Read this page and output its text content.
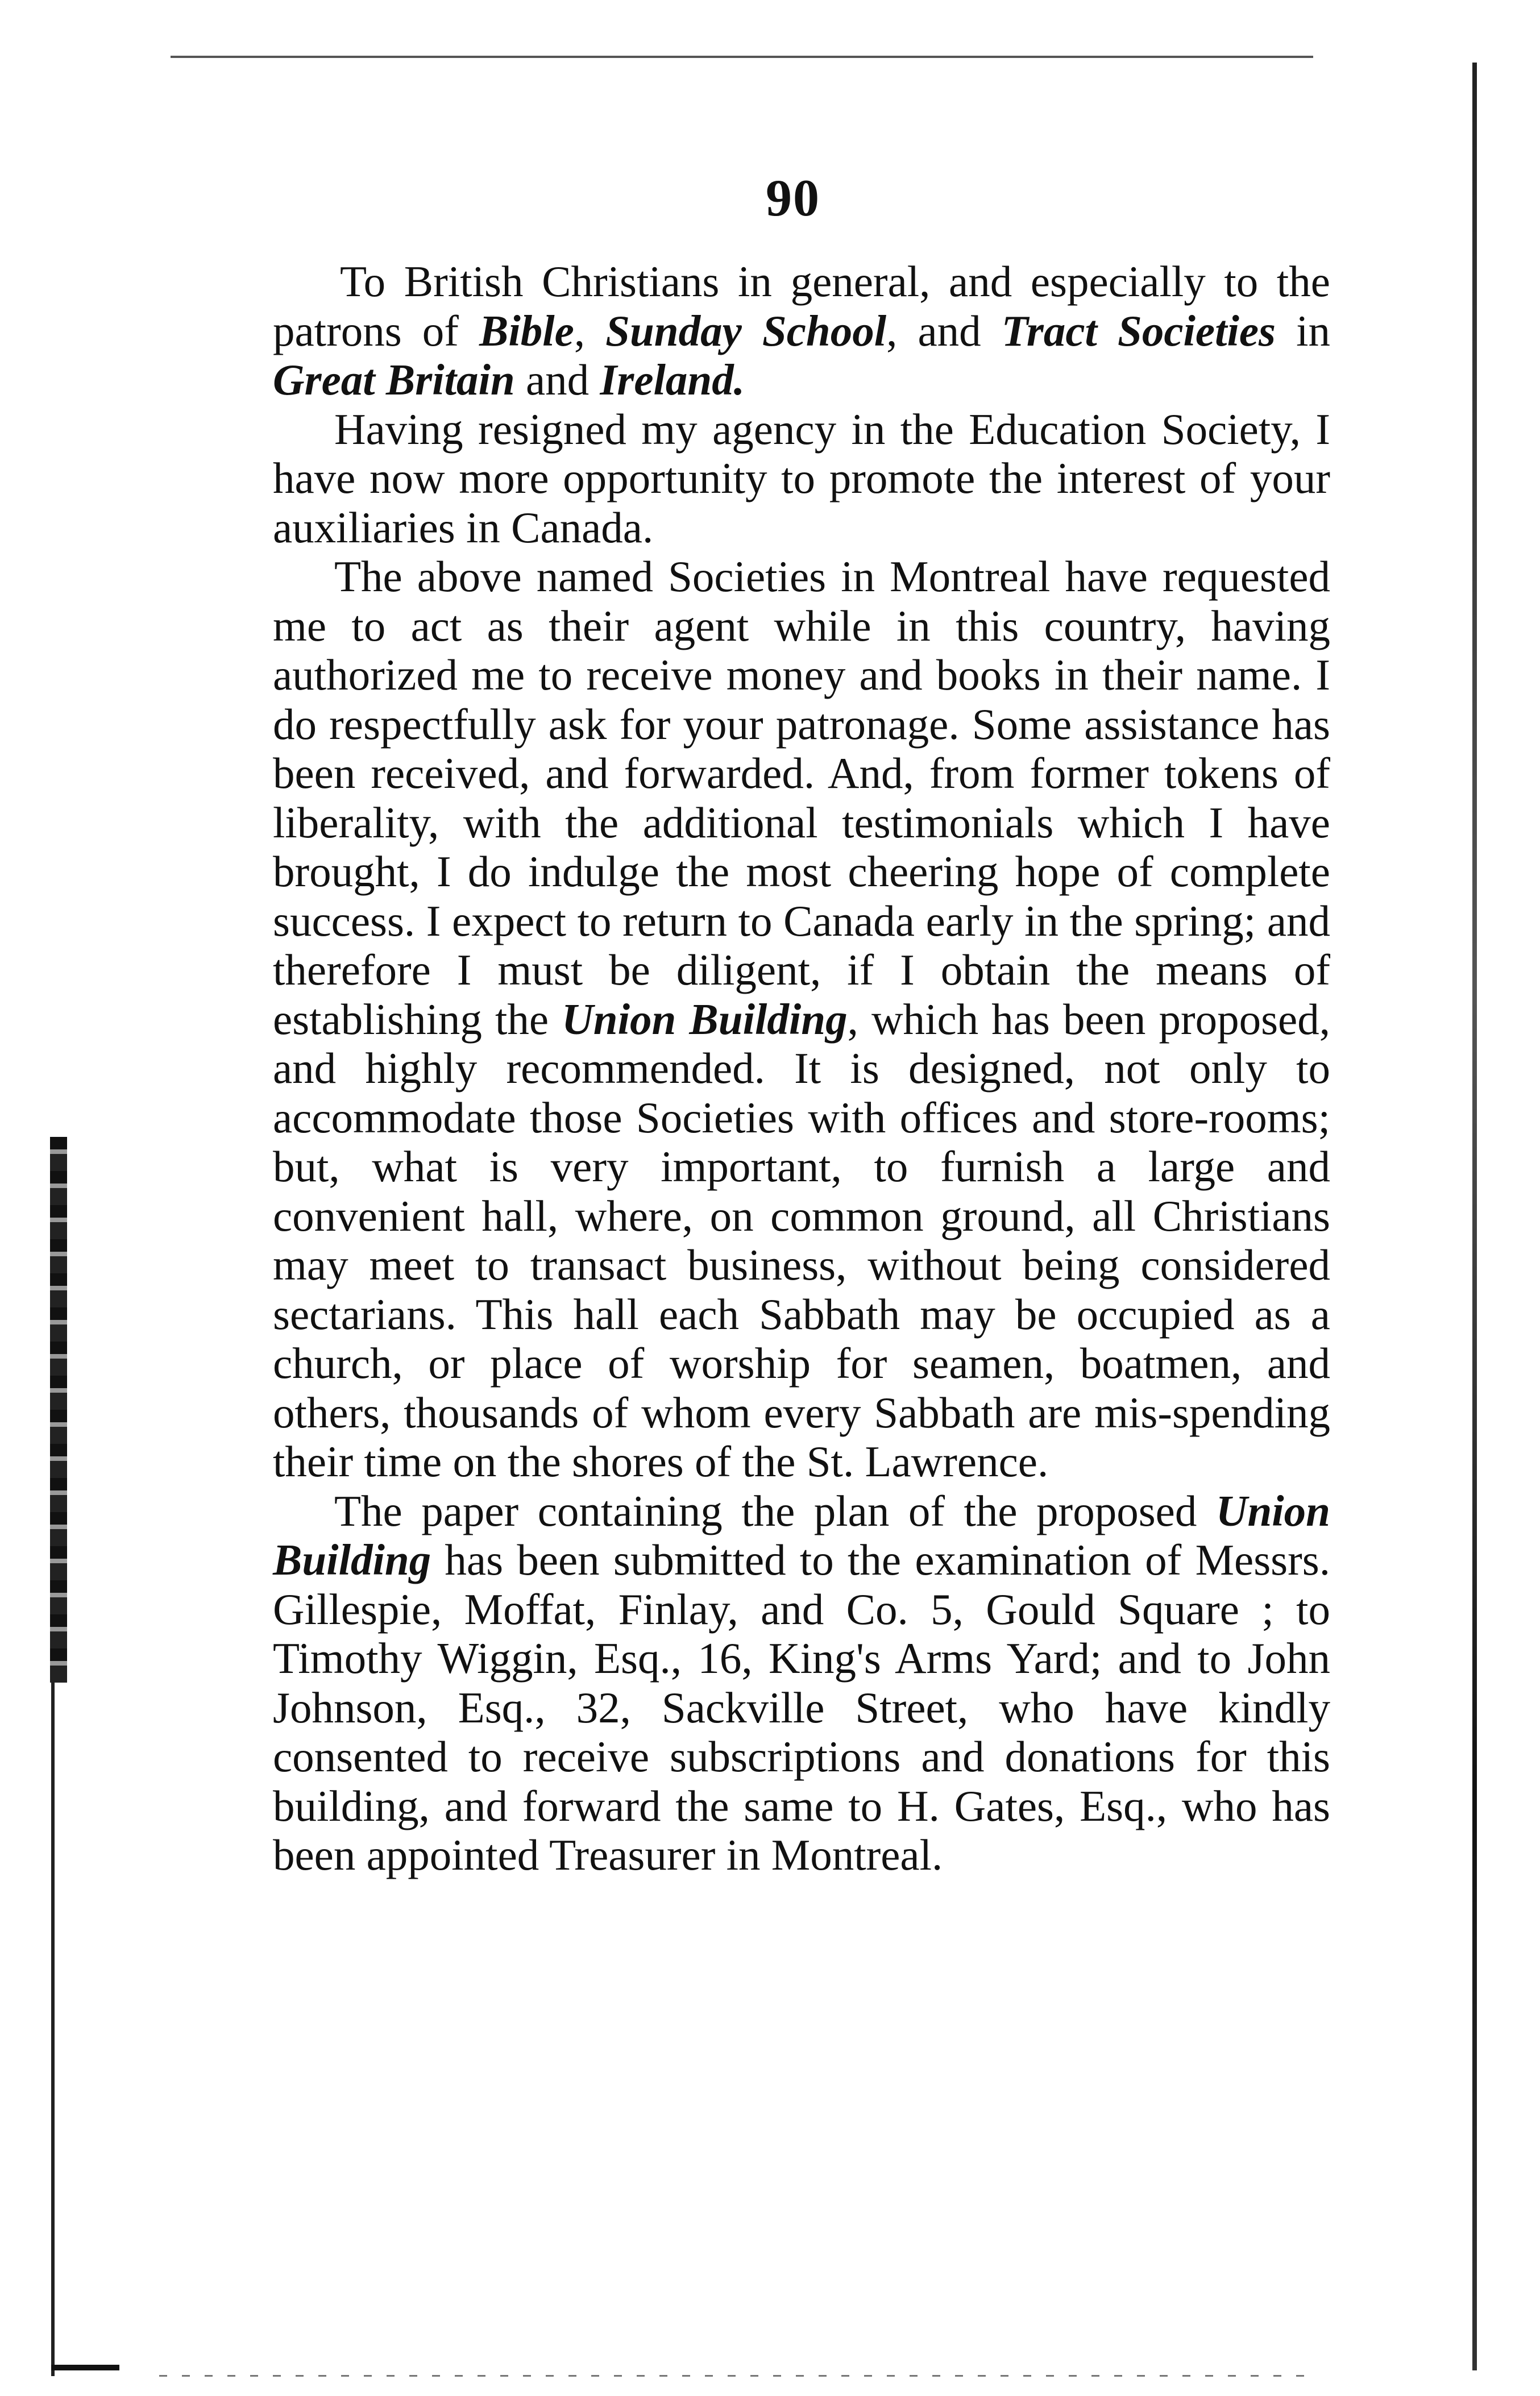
90

To British Christians in general, and especially to the patrons of Bible, Sunday School, and Tract Societies in Great Britain and Ireland.

Having resigned my agency in the Education Society, I have now more opportunity to promote the interest of your auxiliaries in Canada.

The above named Societies in Montreal have requested me to act as their agent while in this country, having authorized me to receive money and books in their name. I do respectfully ask for your patronage. Some assistance has been received, and forwarded. And, from former tokens of liberality, with the additional testimonials which I have brought, I do indulge the most cheering hope of complete success. I expect to return to Canada early in the spring; and therefore I must be diligent, if I obtain the means of establishing the Union Building, which has been proposed, and highly recommended. It is designed, not only to accommodate those Societies with offices and store-rooms; but, what is very important, to furnish a large and convenient hall, where, on common ground, all Christians may meet to transact business, without being considered sectarians. This hall each Sabbath may be occupied as a church, or place of worship for seamen, boatmen, and others, thousands of whom every Sabbath are mis-spending their time on the shores of the St. Lawrence.

The paper containing the plan of the proposed Union Building has been submitted to the examination of Messrs. Gillespie, Moffat, Finlay, and Co. 5, Gould Square ; to Timothy Wiggin, Esq., 16, King's Arms Yard; and to John Johnson, Esq., 32, Sackville Street, who have kindly consented to receive subscriptions and donations for this building, and forward the same to H. Gates, Esq., who has been appointed Treasurer in Montreal.
